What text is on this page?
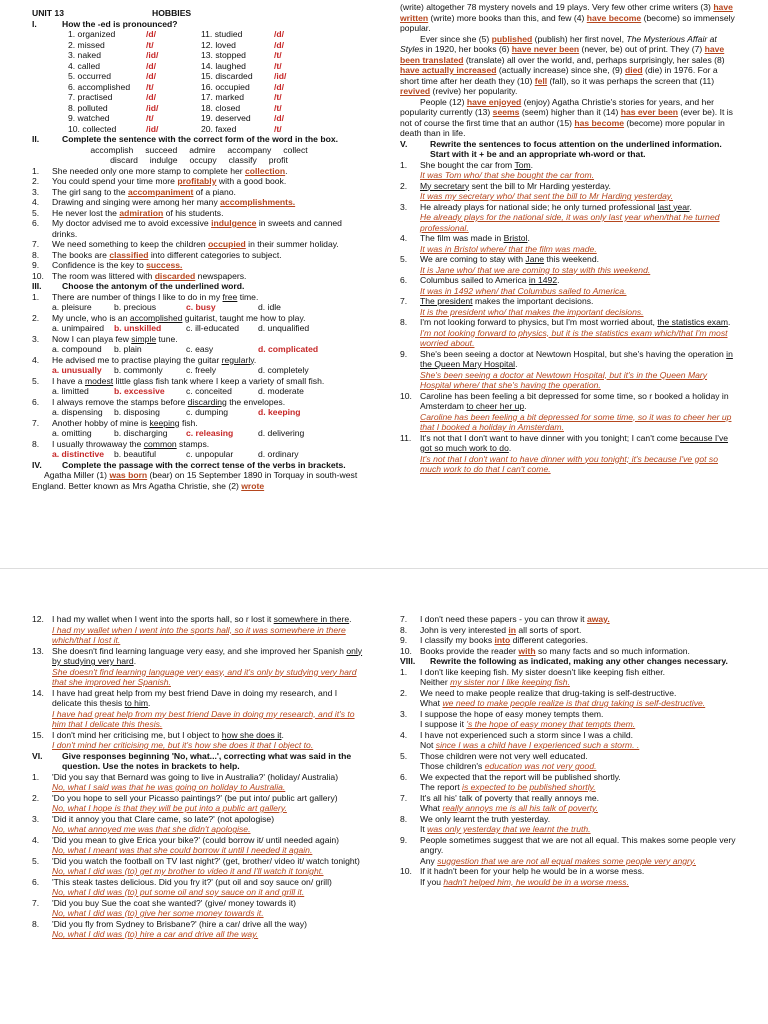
UNIT 13	HOBBIES
I.	How the -ed is pronounced?
1. organized	/d/	11. studied	/d/
2. missed	/t/	12. loved	/d/
3. naked	/id/	13. stopped	/t/
4. called	/d/	14. laughed	/t/
5. occurred	/d/	15. discarded	/id/
6. accomplished	/t/	16. occupied	/d/
7. practised	/d/	17. marked	/t/
8. polluted	/id/	18. closed	/t/
9. watched	/t/	19. deserved	/d/
10. collected	/id/	20. faxed	/t/
II.	Complete the sentence with the correct form of the word in the box.

accomplish     succeed     admire     accompany     collect

discard     indulge     occupy     classify     profit

1.	She needed only one more stamp to complete her collection.
2.	You could spend your time more profitably with a good book.
3.	The girl sang to the accompaniment of a piano.
4.	Drawing and singing were among her many accomplishments.
5.	He never lost the admiration of his students.
6.	My doctor advised me to avoid excessive indulgence in sweets and canned drinks.
7.	We need something to keep the children occupied in their summer holiday.
8.	The books are classified into different categories to subject.
9.	Confidence is the key to success.
10. The room was littered with discarded newspapers.
III.	Choose the antonym of the underlined word.
1.	There are number of things I like to do in my free time.
a. pleisure	b. precious	c. busy	d. idle
2.	My uncle, who is an accomplished guitarist, taught me how to play.
a. unimpaired	b. unskilled	c. ill-educated	d. unqualified
3.	Now I can playa few simple tune.
a. compound	b. plain	c. easy	d. complicated
4.	He advised me to practise playing the guitar regularly.
a. unusually	b. commonly	c. freely	d. completely
5.	I have a modest little glass fish tank where I keep a variety of small fish.
a. limitted	b. excessive	c. conceited	d. moderate
6.	I always remove the stamps before discarding the envelopes.
a. dispensing	b. disposing	c. dumping	d. keeping
7.	Another hobby of mine is keeping fish.
a. omitting	b. discharging	c. releasing	d. delivering
8.	I usually throwaway the common stamps.
a. distinctive	b. beautiful	c. unpopular	d. ordinary
IV.	Complete the passage with the correct tense of the verbs in brackets.

Agatha Miller (1) was born (bear) on 15 September 1890 in Torquay in south-west England. Better known as Mrs Agatha Christie, she (2) wrote

(write) altogether 78 mystery novels and 19 plays. Very few other crime writers (3) have written (write) more books than this, and few (4) have become (become) so immensely popular.

Ever since she (5) published (publish) her first novel, The Mysterious Affair at Styles in 1920, her books (6) have never been (never, be) out of print. They (7) have been translated (translate) all over the world, and, perhaps surprisingly, her sales (8) have actually increased (actually increase) since she, (9) died (die) in 1976. For a short time after her death they (10) fell (fall), so it was perhaps the screen that (11) revived (revive) her popularity.

People (12) have enjoyed (enjoy) Agatha Christie's stories for years, and her popularity currently (13) seems (seem) higher than it (14) has ever been (ever be). It is not of course the first time that an author (15) has become (become) more popular in death than in life.

V.	Rewrite the sentences to focus attention on the underlined information. Start with it + be and an appropriate wh-word or that.
1.	She bought the car from Tom.

It was Tom who/ that she bought the car from.

2.	My secretary sent the bill to Mr Harding yesterday.

It was my secretary who/ that sent the bill to Mr Harding yesterday.

3.	He already plays for national side; he only turned professional last year.

He already plays for the national side, it was only last year when/that he turned professional.

4.	The film was made in Bristol.

It was in Bristol where/ that the film was made.

5.	We are coming to stay with Jane this weekend.

It is Jane who/ that we are coming to stay with this weekend.

6.	Columbus sailed to America in 1492.

It was in 1492 when/ that Columbus sailed to America.

7.	The president makes the important decisions.

It is the president who/ that makes the important decisions.

8.	I'm not looking forward to physics, but I'm most worried about, the statistics exam.

I'm not looking forward to physics, but it is the statistics exam which/that I'm most worried about.

9.	She's been seeing a doctor at Newtown Hospital, but she's having the operation in the Queen Mary Hospital.

She's been seeing a doctor at Newtown Hospital, but it's in the Queen Mary Hospital where/ that she's having the operation.

10. Caroline has been feeling a bit depressed for some time, so r booked a holiday in Amsterdam to cheer her up.

Caroline has been feeling a bit depressed for some time, so it was to cheer her up that I booked a holiday in Amsterdam.

11.	It's not that I don't want to have dinner with you tonight; I can't come because I've got so much work to do.

It's not that I don't want to have dinner with you tonight; it's because I've got so much work to do that I can't come.

12. I had my wallet when I went into the sports hall, so r lost it somewhere in there.

I had my wallet when I went into the sports hall, so it was somewhere in there which/that I lost it.

13. She doesn't find learning language very easy, and she improved her Spanish only by studying very hard.

She doesn't find learning language very easy, and it's only by studying very hard that she improved her Spanish.

14. I have had great help from my best friend Dave in doing my research, and I delicate this thesis to him.

I have had great help from my best friend Dave in doing my research, and it's to him that I delicate this thesis.

15. I don't mind her criticising me, but I object to how she does it.

I don't mind her criticising me, but it's how she does it that I object to.

VI.	Give responses beginning 'No, what...', correcting what was said in the question. Use the notes in brackets to help.
1.	'Did you say that Bernard was going to live in Australia?' (holiday/ Australia)

No, what I said was that he was going on holiday to Australia.

2.	'Do you hope to sell your Picasso paintings?' (be put into/ public art gallery)

No, what I hope is that they will be put into a public art gallery.

3.	'Did it annoy you that Clare came, so late?' (not apologise)

No, what annoyed me was that she didn't apologise.

4.	'Did you mean to give Erica your bike?' (could borrow it/ until needed again)

No, what I meant was that she could borrow it until I needed it again.

5.	'Did you watch the football on TV last night?' (get, brother/ video it/ watch tonight)

No, what I did was (to) get my brother to video it and I'll watch it tonight.

6.	'This steak tastes delicious. Did you fry it?' (put oil and soy sauce on/ grill)

No, what I did was (to) put some oil and soy sauce on it and grill it.

7.	'Did you buy Sue the coat she wanted?' (give/ money towards it)

No, what I did was (to) give her some money towards it.

8.	'Did you fly from Sydney to Brisbane?' (hire a car/ drive all the way)

No, what I did was (to) hire a car and drive all the way.

7.	I don't need these papers - you can throw it away.
8.	John is very interested in all sorts of sport.
9.	I classify my books into different categories.
10. Books provide the reader with so many facts and so much information.
VIII.	Rewrite the following as indicated, making any other changes necessary.
1.	I don't like keeping fish. My sister doesn't like keeping fish either.

Neither my sister nor I like keeping fish.

2.	We need to make people realize that drug-taking is self-destructive.

What we need to make people realize is that drug taking is self-destructive.

3.	I suppose the hope of easy money tempts them.

I suppose it 's the hope of easy money that tempts them.

4.	I have not experienced such a storm since I was a child.

Not since I was a child have I experienced such a storm. .

5.	Those children were not very well educated.

Those children's education was not very good.

6.	We expected that the report will be published shortly.

The report is expected to be published shortly.

7.	It's all his' talk of poverty that really annoys me.

What really annoys me is all his talk of poverty.

8.	We only learnt the truth yesterday.

It was only yesterday that we learnt the truth.

9.	People sometimes suggest that we are not all equal. This makes some people very angry.

Any suggestion that we are not all equal makes some people very angry.

10. If it hadn't been for your help he would be in a worse mess.

If you hadn't helped him, he would be in a worse mess.
